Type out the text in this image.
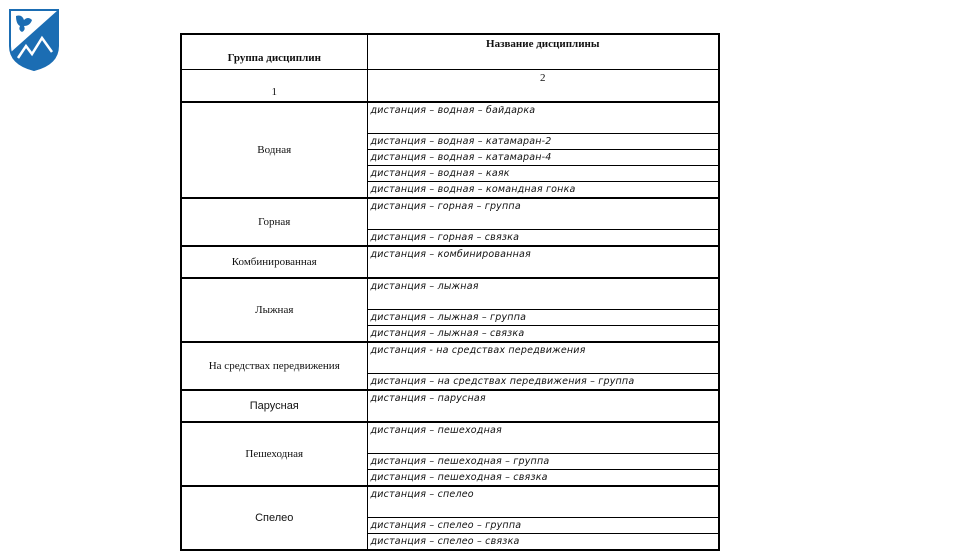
Группа дисциплин	Название дисциплины
1	2
Водная	дистанция – водная – байдарка
	дистанция – водная – катамаран-2
	дистанция – водная – катамаран-4
	дистанция – водная – каяк
	дистанция – водная – командная гонка
Горная	дистанция – горная – группа
	дистанция – горная – связка
Комбинированная	дистанция – комбинированная
Лыжная	дистанция – лыжная
	дистанция – лыжная – группа
	дистанция – лыжная – связка
На средствах передвижения	дистанция - на средствах передвижения
	дистанция – на средствах передвижения – группа
Парусная	дистанция – парусная
Пешеходная	дистанция – пешеходная
	дистанция – пешеходная – группа
	дистанция – пешеходная – связка
Спелео	дистанция – спелео
	дистанция – спелео – группа
	дистанция – спелео – связка
